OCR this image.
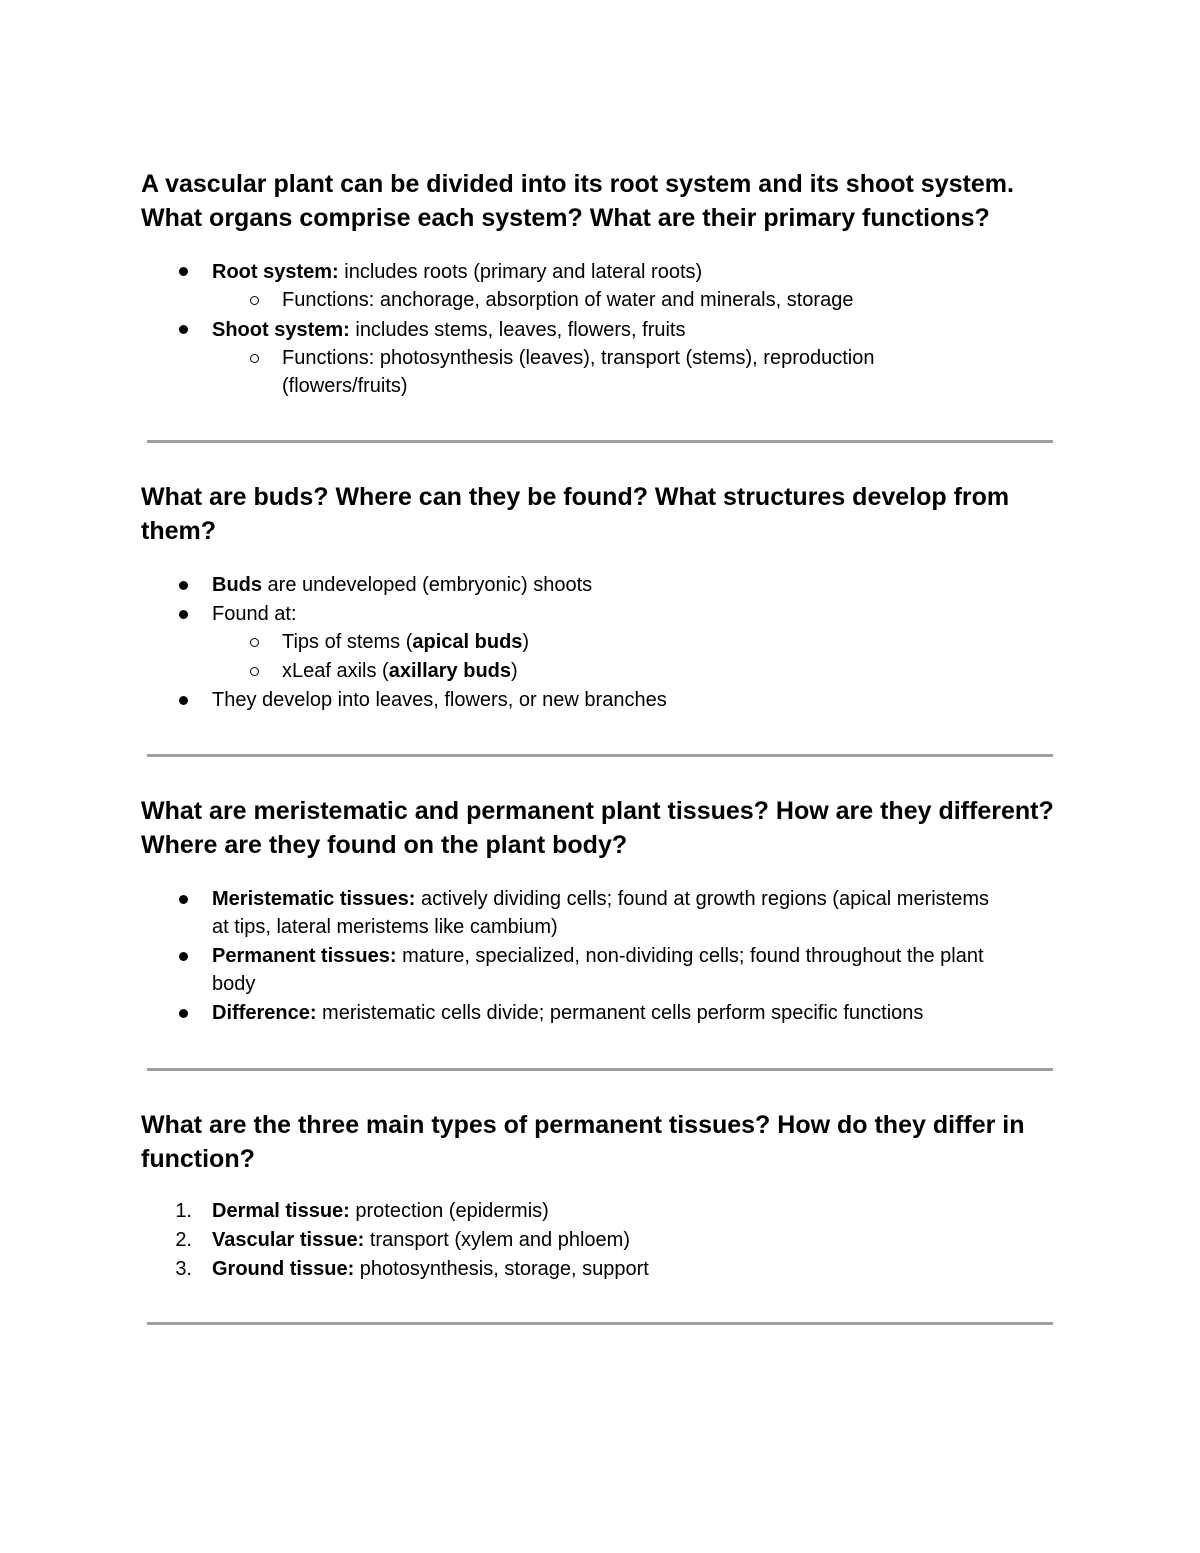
A vascular plant can be divided into its root system and its shoot system. What organs comprise each system? What are their primary functions?
Root system: includes roots (primary and lateral roots)
Functions: anchorage, absorption of water and minerals, storage
Shoot system: includes stems, leaves, flowers, fruits
Functions: photosynthesis (leaves), transport (stems), reproduction
(flowers/fruits)
What are buds? Where can they be found? What structures develop from them?
Buds are undeveloped (embryonic) shoots
Found at:
Tips of stems (apical buds)
xLeaf axils (axillary buds)
They develop into leaves, flowers, or new branches
What are meristematic and permanent plant tissues? How are they different? Where are they found on the plant body?
Meristematic tissues: actively dividing cells; found at growth regions (apical meristems
at tips, lateral meristems like cambium)
Permanent tissues: mature, specialized, non-dividing cells; found throughout the plant
body
Difference: meristematic cells divide; permanent cells perform specific functions
What are the three main types of permanent tissues? How do they differ in function?
1. Dermal tissue: protection (epidermis)
2. Vascular tissue: transport (xylem and phloem)
3. Ground tissue: photosynthesis, storage, support
